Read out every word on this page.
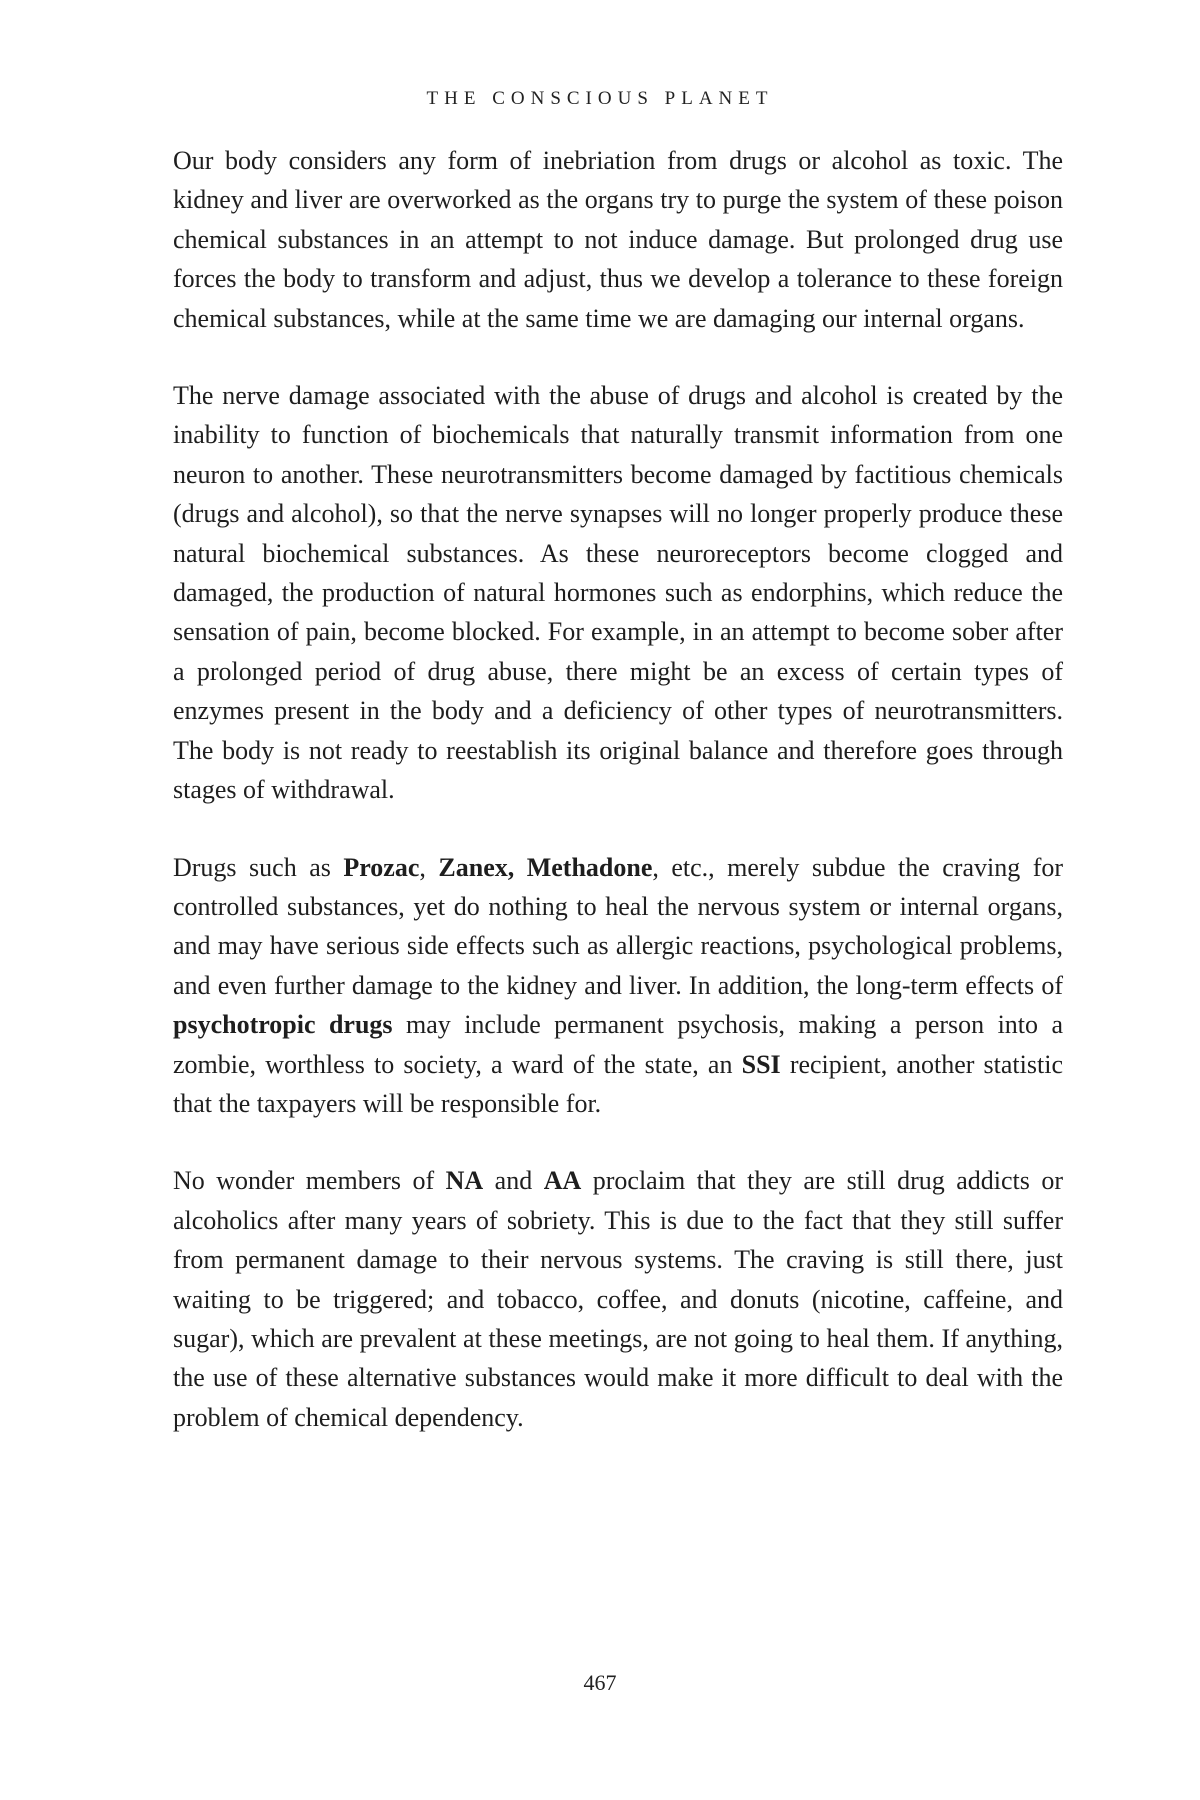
THE CONSCIOUS PLANET

Our body considers any form of inebriation from drugs or alcohol as toxic. The kidney and liver are overworked as the organs try to purge the system of these poison chemical substances in an attempt to not induce damage. But prolonged drug use forces the body to transform and adjust, thus we develop a tolerance to these foreign chemical substances, while at the same time we are damaging our internal organs.

The nerve damage associated with the abuse of drugs and alcohol is created by the inability to function of biochemicals that naturally transmit information from one neuron to another. These neurotransmitters become damaged by factitious chemicals (drugs and alcohol), so that the nerve synapses will no longer properly produce these natural biochemical substances. As these neuroreceptors become clogged and damaged, the production of natural hormones such as endorphins, which reduce the sensation of pain, become blocked. For example, in an attempt to become sober after a prolonged period of drug abuse, there might be an excess of certain types of enzymes present in the body and a deficiency of other types of neurotransmitters. The body is not ready to reestablish its original balance and therefore goes through stages of withdrawal.

Drugs such as Prozac, Zanex, Methadone, etc., merely subdue the craving for controlled substances, yet do nothing to heal the nervous system or internal organs, and may have serious side effects such as allergic reactions, psychological problems, and even further damage to the kidney and liver. In addition, the long-term effects of psychotropic drugs may include permanent psychosis, making a person into a zombie, worthless to society, a ward of the state, an SSI recipient, another statistic that the taxpayers will be responsible for.

No wonder members of NA and AA proclaim that they are still drug addicts or alcoholics after many years of sobriety. This is due to the fact that they still suffer from permanent damage to their nervous systems. The craving is still there, just waiting to be triggered; and tobacco, coffee, and donuts (nicotine, caffeine, and sugar), which are prevalent at these meetings, are not going to heal them. If anything, the use of these alternative substances would make it more difficult to deal with the problem of chemical dependency.

467
